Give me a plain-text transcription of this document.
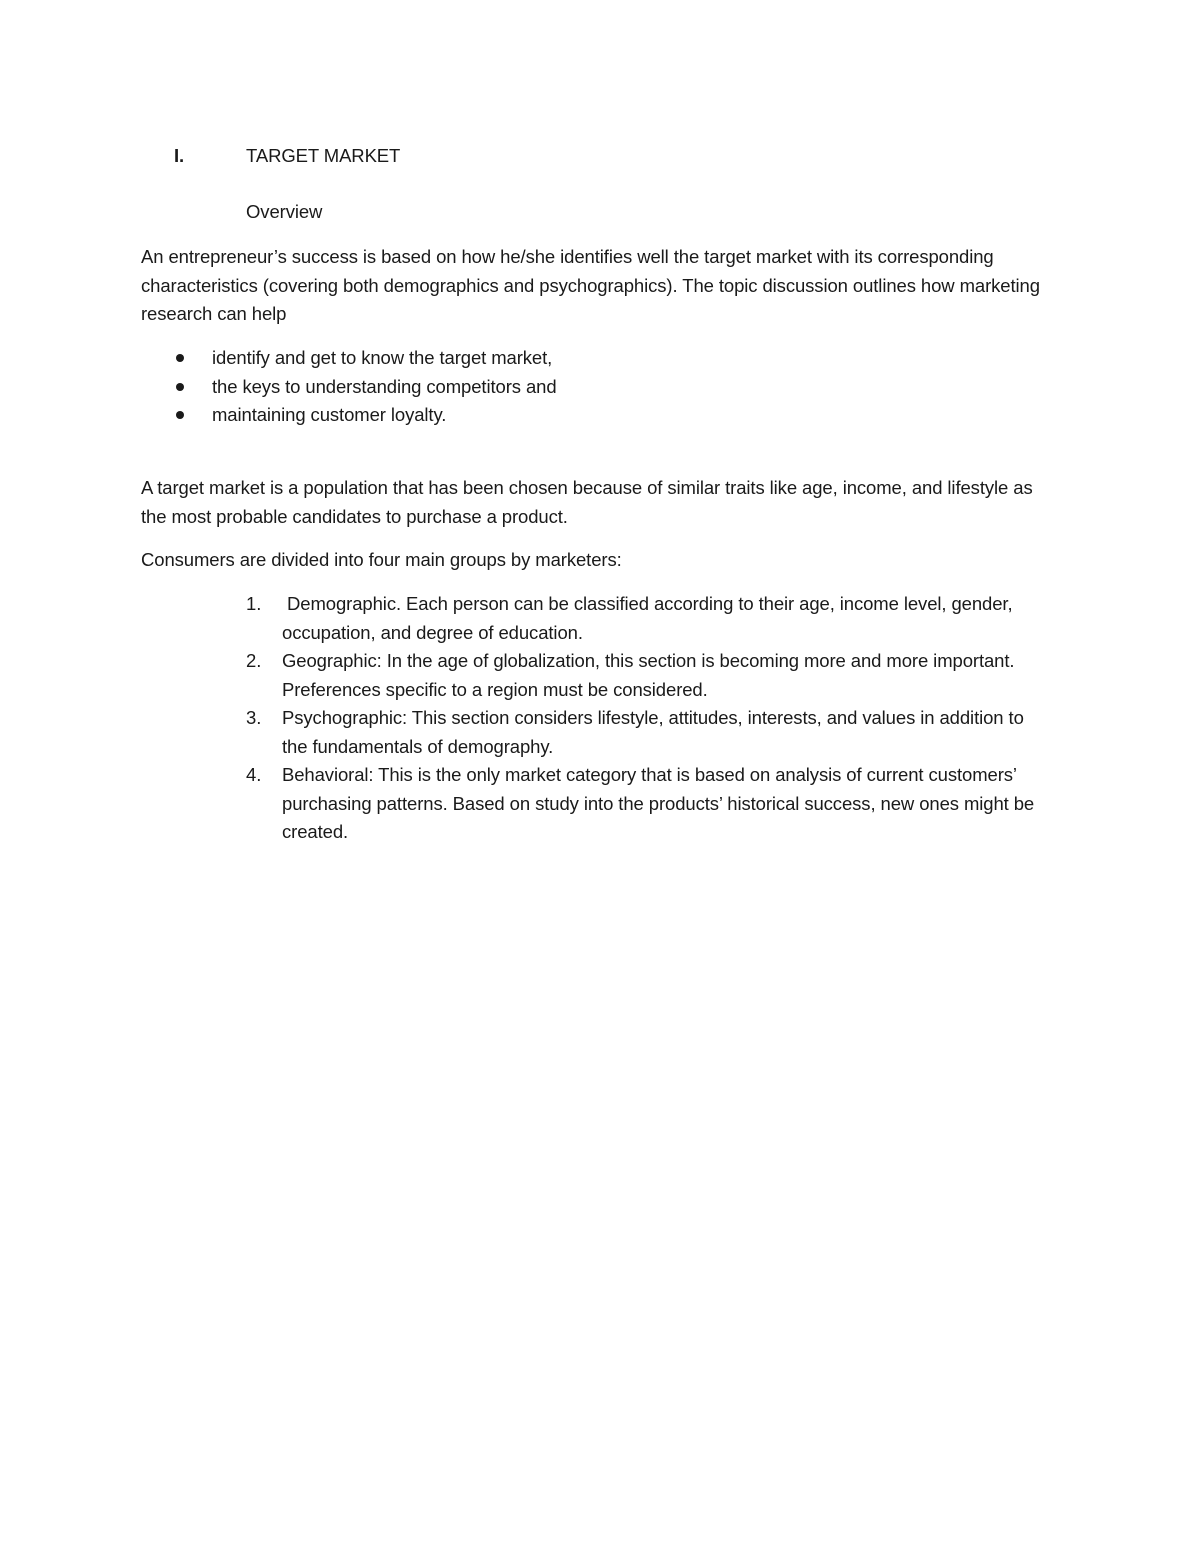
I.	TARGET MARKET
Overview

An entrepreneur’s success is based on how he/she identifies well the target market with its corresponding characteristics (covering both demographics and psychographics). The topic discussion outlines how marketing research can help

identify and get to know the target market,
the keys to understanding competitors and
maintaining customer loyalty.

A target market is a population that has been chosen because of similar traits like age, income, and lifestyle as the most probable candidates to purchase a product.

Consumers are divided into four main groups by marketers:

1. Demographic. Each person can be classified according to their age, income level, gender, occupation, and degree of education.
2. Geographic: In the age of globalization, this section is becoming more and more important. Preferences specific to a region must be considered.
3. Psychographic: This section considers lifestyle, attitudes, interests, and values in addition to the fundamentals of demography.
4. Behavioral: This is the only market category that is based on analysis of current customers’ purchasing patterns. Based on study into the products’ historical success, new ones might be created.
